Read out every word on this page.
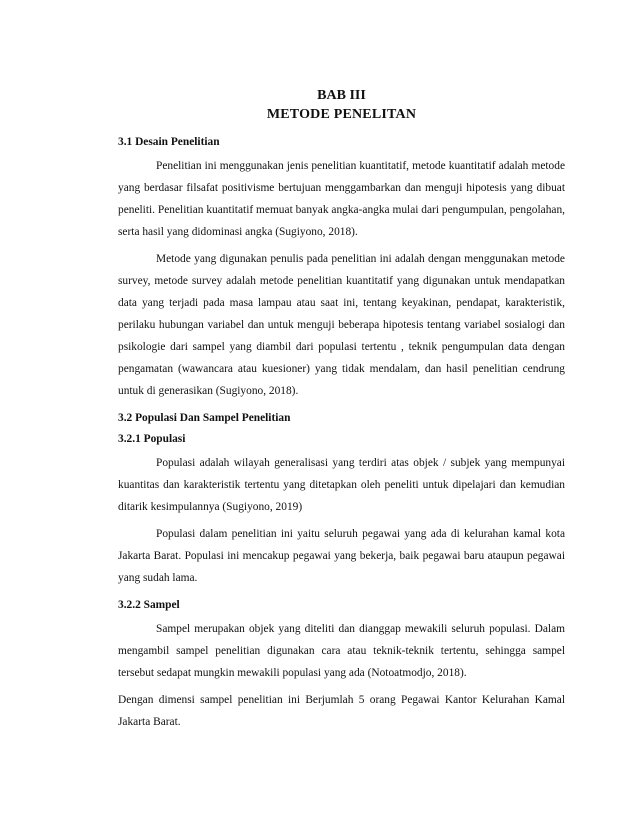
BAB III
METODE PENELITAN
3.1 Desain Penelitian

Penelitian ini menggunakan jenis penelitian kuantitatif, metode kuantitatif adalah metode yang berdasar filsafat positivisme bertujuan menggambarkan dan menguji hipotesis yang dibuat peneliti. Penelitian kuantitatif memuat banyak angka-angka mulai dari pengumpulan, pengolahan, serta hasil yang didominasi angka (Sugiyono, 2018).

Metode yang digunakan penulis pada penelitian ini adalah dengan menggunakan metode survey, metode survey adalah metode penelitian kuantitatif yang digunakan untuk mendapatkan data yang terjadi pada masa lampau atau saat ini, tentang keyakinan, pendapat, karakteristik, perilaku hubungan variabel dan untuk menguji beberapa hipotesis tentang variabel sosialogi dan psikologie dari sampel yang diambil dari populasi tertentu , teknik pengumpulan data dengan pengamatan (wawancara atau kuesioner) yang tidak mendalam, dan hasil penelitian cendrung untuk di generasikan (Sugiyono, 2018).

3.2 Populasi Dan Sampel Penelitian
3.2.1 Populasi

Populasi adalah wilayah generalisasi yang terdiri atas objek / subjek yang mempunyai kuantitas dan karakteristik tertentu yang ditetapkan oleh peneliti untuk dipelajari dan kemudian ditarik kesimpulannya (Sugiyono, 2019)

Populasi dalam penelitian ini yaitu seluruh pegawai yang ada di kelurahan kamal kota Jakarta Barat. Populasi ini mencakup pegawai yang bekerja, baik pegawai baru ataupun pegawai yang sudah lama.

3.2.2 Sampel

Sampel merupakan objek yang diteliti dan dianggap mewakili seluruh populasi. Dalam mengambil sampel penelitian digunakan cara atau teknik-teknik tertentu, sehingga sampel tersebut sedapat mungkin mewakili populasi yang ada (Notoatmodjo, 2018).

Dengan dimensi sampel penelitian ini Berjumlah 5 orang Pegawai Kantor Kelurahan Kamal Jakarta Barat.
